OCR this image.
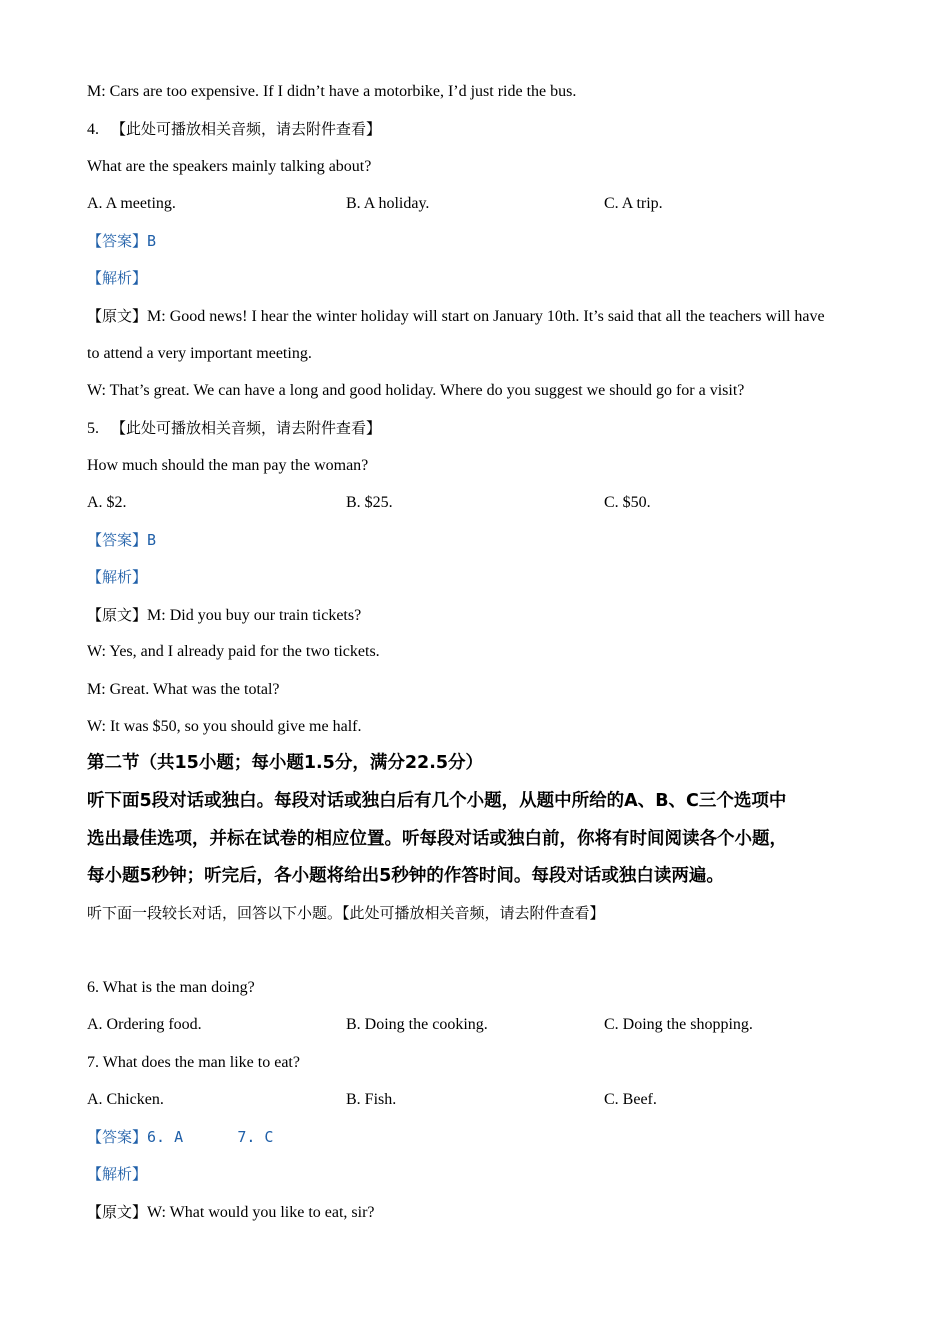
M: Cars are too expensive. If I didn’t have a motorbike, I’d just ride the bus.
4. 【此处可播放相关音频，请去附件查看】
What are the speakers mainly talking about?
A. A meeting.	B. A holiday.	C. A trip.
【答案】B
【解析】
【原文】M: Good news! I hear the winter holiday will start on January 10th. It’s said that all the teachers will have
to attend a very important meeting.
W: That’s great. We can have a long and good holiday. Where do you suggest we should go for a visit?
5. 【此处可播放相关音频，请去附件查看】
How much should the man pay the woman?
A. $2.	B. $25.	C. $50.
【答案】B
【解析】
【原文】M: Did you buy our train tickets?
W: Yes, and I already paid for the two tickets.
M: Great. What was the total?
W: It was $50, so you should give me half.
第二节（共15小题；每小题1.5分，满分22.5分）
听下面5段对话或独白。每段对话或独白后有几个小题，从题中所给的A、B、C三个选项中
选出最佳选项，并标在试卷的相应位置。听每段对话或独白前，你将有时间阅读各个小题，
每小题5秒钟；听完后，各小题将给出5秒钟的作答时间。每段对话或独白读两遍。
听下面一段较长对话，回答以下小题。【此处可播放相关音频，请去附件查看】
6. What is the man doing?
A. Ordering food.	B. Doing the cooking.	C. Doing the shopping.
7. What does the man like to eat?
A. Chicken.	B. Fish.	C. Beef.
【答案】6. A      7. C
【解析】
【原文】W: What would you like to eat, sir?
